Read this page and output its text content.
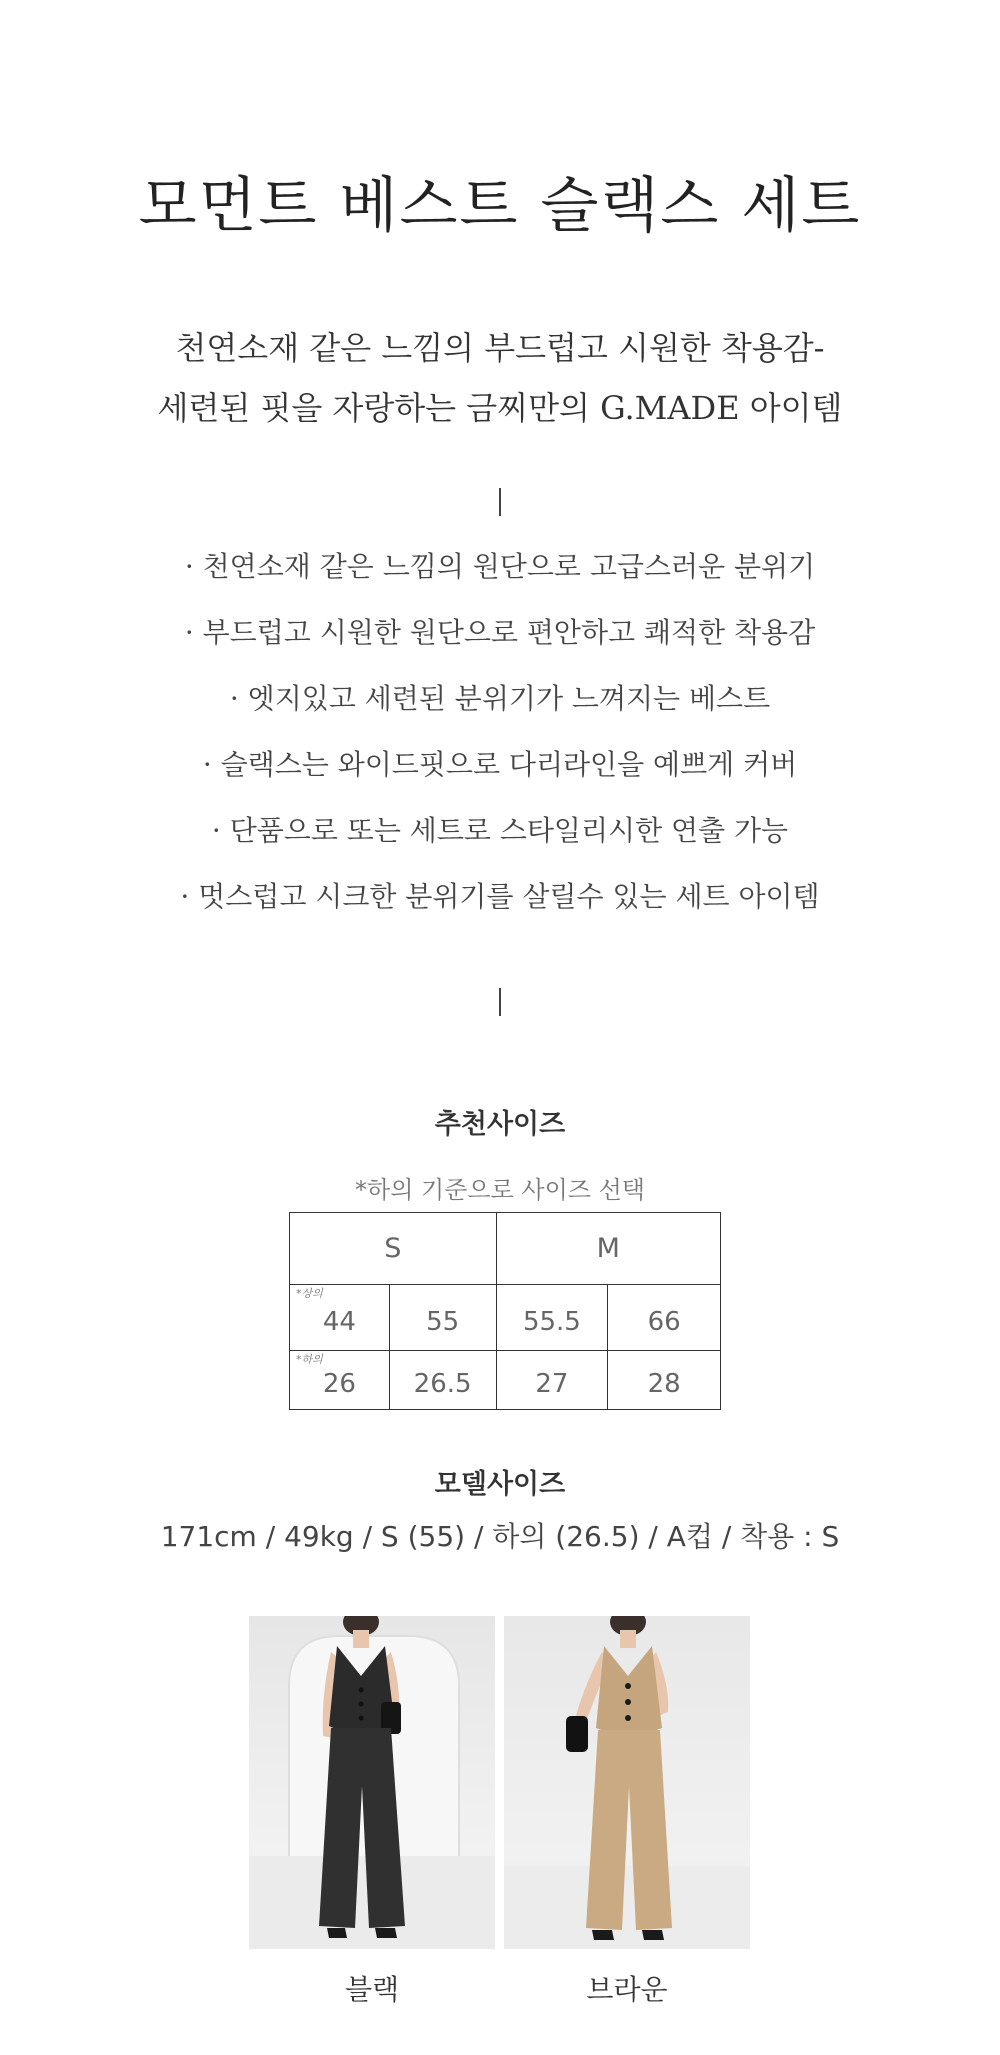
모먼트 베스트 슬랙스 세트

천연소재 같은 느낌의 부드럽고 시원한 착용감-

세련된 핏을 자랑하는 금찌만의 G.MADE 아이템

· 천연소재 같은 느낌의 원단으로 고급스러운 분위기
· 부드럽고 시원한 원단으로 편안하고 쾌적한 착용감
· 엣지있고 세련된 분위기가 느껴지는 베스트
· 슬랙스는 와이드핏으로 다리라인을 예쁘게 커버
· 단품으로 또는 세트로 스타일리시한 연출 가능
· 멋스럽고 시크한 분위기를 살릴수 있는 세트 아이템
추천사이즈
*하의 기준으로 사이즈 선택
S		M	

*상의
44	55	55.5	66

*하의
26	26.5	27	28
모델사이즈
171cm / 49kg / S (55) / 하의 (26.5) / A컵 / 착용 : S
블랙	브라운
